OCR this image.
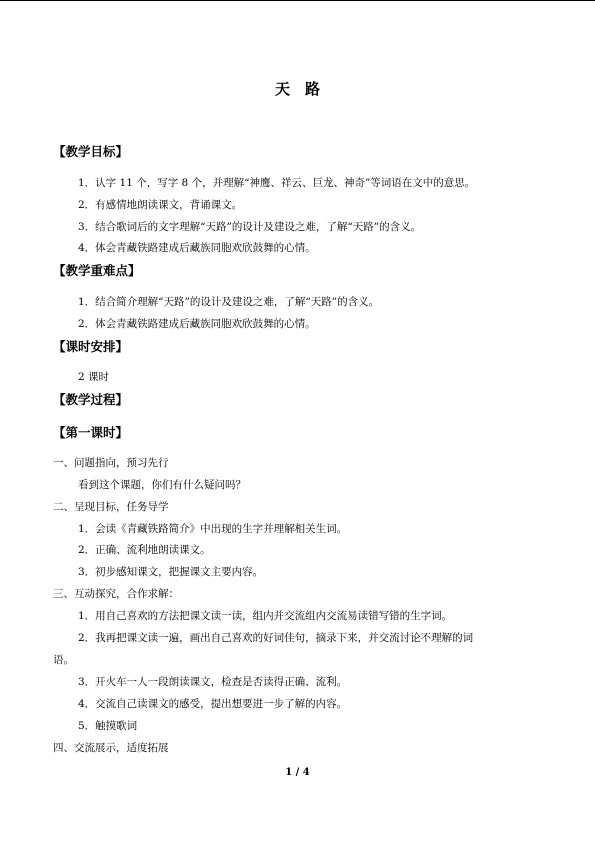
天　路
【教学目标】
1．认字 11 个，写字 8 个，并理解“神鹰、祥云、巨龙、神奇”等词语在文中的意思。
2．有感情地朗读课文，背诵课文。
3．结合歌词后的文字理解“天路”的设计及建设之难，了解“天路”的含义。
4．体会青藏铁路建成后藏族同胞欢欣鼓舞的心情。
【教学重难点】
1．结合简介理解“天路”的设计及建设之难，了解“天路”的含义。
2．体会青藏铁路建成后藏族同胞欢欣鼓舞的心情。
【课时安排】
2 课时
【教学过程】
【第一课时】
一、问题指向，预习先行
看到这个课题，你们有什么疑问吗？
二、呈现目标，任务导学
1．会读《青藏铁路简介》中出现的生字并理解相关生词。
2．正确、流利地朗读课文。
3．初步感知课文，把握课文主要内容。
三、互动探究，合作求解：
1．用自己喜欢的方法把课文读一读，组内并交流组内交流易读错写错的生字词。
2．我再把课文读一遍，画出自己喜欢的好词佳句，摘录下来，并交流讨论不理解的词
语。
3．开火车一人一段朗读课文，检查是否读得正确、流利。
4．交流自己读课文的感受，提出想要进一步了解的内容。
5．触摸歌词
四、交流展示，适度拓展
1 / 4
